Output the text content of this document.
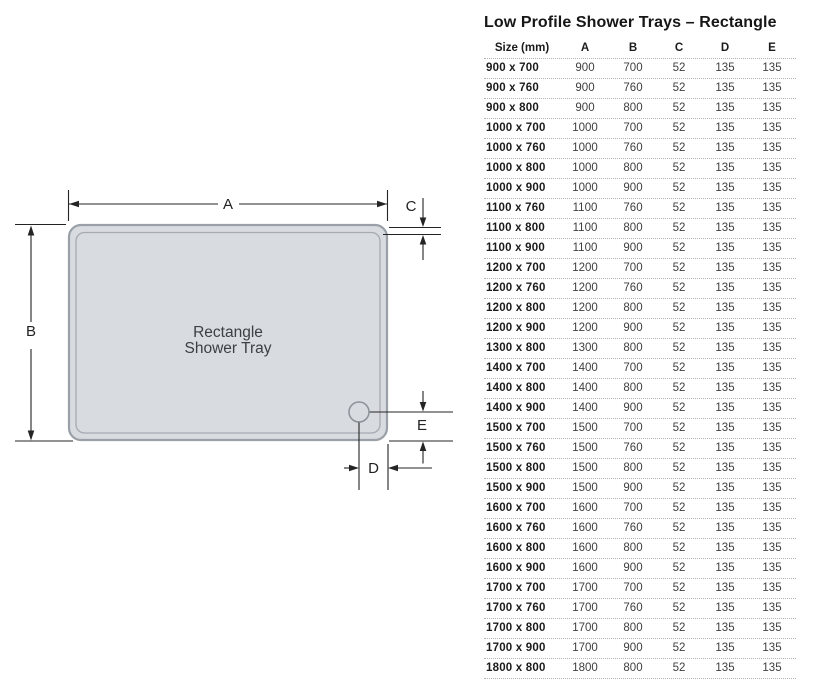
Rectangle
Shower Tray
A	C
B
E
D
Low Profile Shower Trays – Rectangle
Size (mm)	A	B	C	D	E
900 x 700	900	700	52	135	135
900 x 760	900	760	52	135	135
900 x 800	900	800	52	135	135
1000 x 700	1000	700	52	135	135
1000 x 760	1000	760	52	135	135
1000 x 800	1000	800	52	135	135
1000 x 900	1000	900	52	135	135
1100 x 760	1100	760	52	135	135
1100 x 800	1100	800	52	135	135
1100 x 900	1100	900	52	135	135
1200 x 700	1200	700	52	135	135
1200 x 760	1200	760	52	135	135
1200 x 800	1200	800	52	135	135
1200 x 900	1200	900	52	135	135
1300 x 800	1300	800	52	135	135
1400 x 700	1400	700	52	135	135
1400 x 800	1400	800	52	135	135
1400 x 900	1400	900	52	135	135
1500 x 700	1500	700	52	135	135
1500 x 760	1500	760	52	135	135
1500 x 800	1500	800	52	135	135
1500 x 900	1500	900	52	135	135
1600 x 700	1600	700	52	135	135
1600 x 760	1600	760	52	135	135
1600 x 800	1600	800	52	135	135
1600 x 900	1600	900	52	135	135
1700 x 700	1700	700	52	135	135
1700 x 760	1700	760	52	135	135
1700 x 800	1700	800	52	135	135
1700 x 900	1700	900	52	135	135
1800 x 800	1800	800	52	135	135
